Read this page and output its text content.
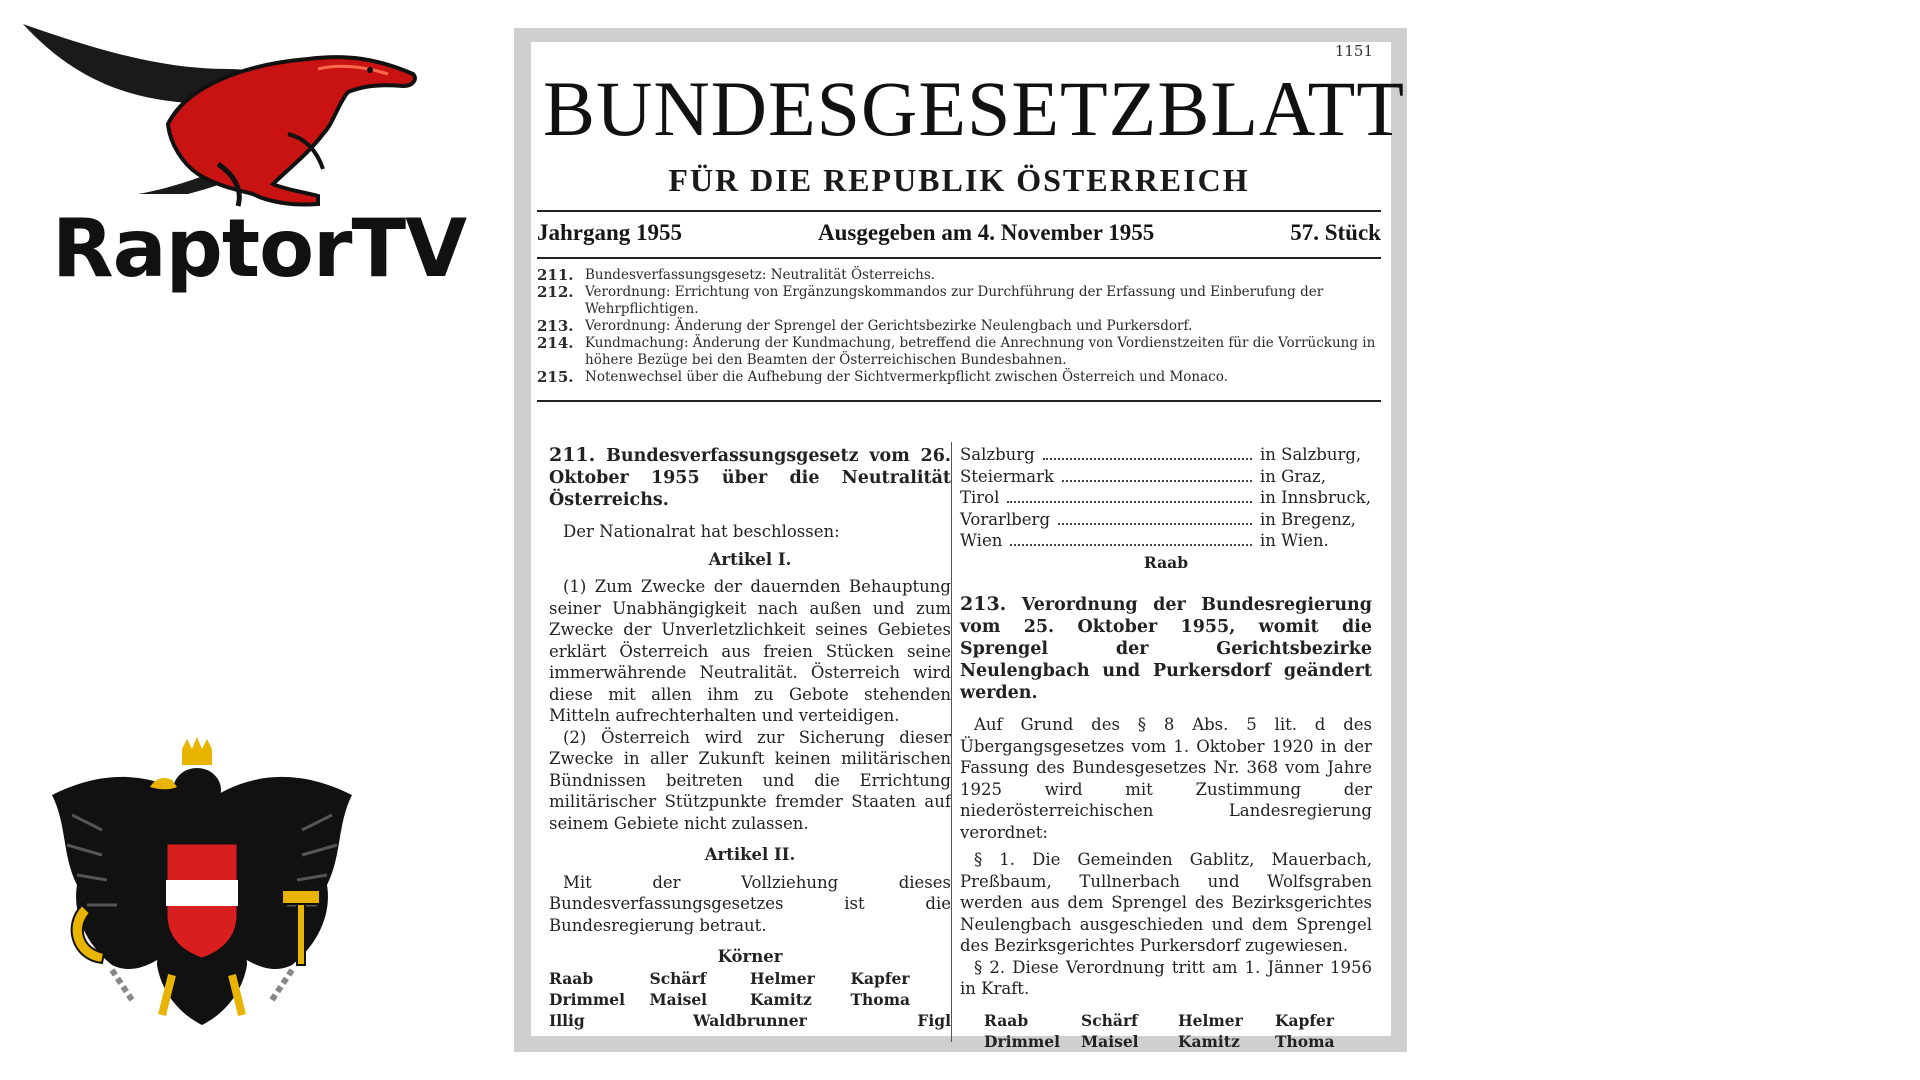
RaptorTV
1151
BUNDESGESETZBLATT
FÜR DIE REPUBLIK ÖSTERREICH
Jahrgang 1955	Ausgegeben am 4. November 1955	57. Stück
211. Bundesverfassungsgesetz: Neutralität Österreichs.
212. Verordnung: Errichtung von Ergänzungskommandos zur Durchführung der Erfassung und Einberufung der Wehrpflichtigen.
213. Verordnung: Änderung der Sprengel der Gerichtsbezirke Neulengbach und Purkersdorf.
214. Kundmachung: Änderung der Kundmachung, betreffend die Anrechnung von Vordienstzeiten für die Vorrückung in höhere Bezüge bei den Beamten der Österreichischen Bundesbahnen.
215. Notenwechsel über die Aufhebung der Sichtvermerkpflicht zwischen Österreich und Monaco.
211. Bundesverfassungsgesetz vom 26. Oktober 1955 über die Neutralität Österreichs.

Der Nationalrat hat beschlossen:

Artikel I.

(1) Zum Zwecke der dauernden Behauptung seiner Unabhängigkeit nach außen und zum Zwecke der Unverletzlichkeit seines Gebietes erklärt Österreich aus freien Stücken seine immerwährende Neutralität. Österreich wird diese mit allen ihm zu Gebote stehenden Mitteln aufrechterhalten und verteidigen.

(2) Österreich wird zur Sicherung dieser Zwecke in aller Zukunft keinen militärischen Bündnissen beitreten und die Errichtung militärischer Stützpunkte fremder Staaten auf seinem Gebiete nicht zulassen.

Artikel II.

Mit der Vollziehung dieses Bundesverfassungsgesetzes ist die Bundesregierung betraut.

Körner
Raab	Schärf	Helmer	Kapfer
Drimmel	Maisel	Kamitz	Thoma
Illig	Waldbrunner	Figl
Salzburg	in Salzburg,
Steiermark	in Graz,
Tirol	in Innsbruck,
Vorarlberg	in Bregenz,
Wien	in Wien.
Raab
213. Verordnung der Bundesregierung vom 25. Oktober 1955, womit die Sprengel der Gerichtsbezirke Neulengbach und Purkersdorf geändert werden.

Auf Grund des § 8 Abs. 5 lit. d des Übergangsgesetzes vom 1. Oktober 1920 in der Fassung des Bundesgesetzes Nr. 368 vom Jahre 1925 wird mit Zustimmung der niederösterreichischen Landesregierung verordnet:

§ 1. Die Gemeinden Gablitz, Mauerbach, Preßbaum, Tullnerbach und Wolfsgraben werden aus dem Sprengel des Bezirksgerichtes Neulengbach ausgeschieden und dem Sprengel des Bezirksgerichtes Purkersdorf zugewiesen.

§ 2. Diese Verordnung tritt am 1. Jänner 1956 in Kraft.

Raab	Schärf	Helmer	Kapfer
Drimmel	Maisel	Kamitz	Thoma
